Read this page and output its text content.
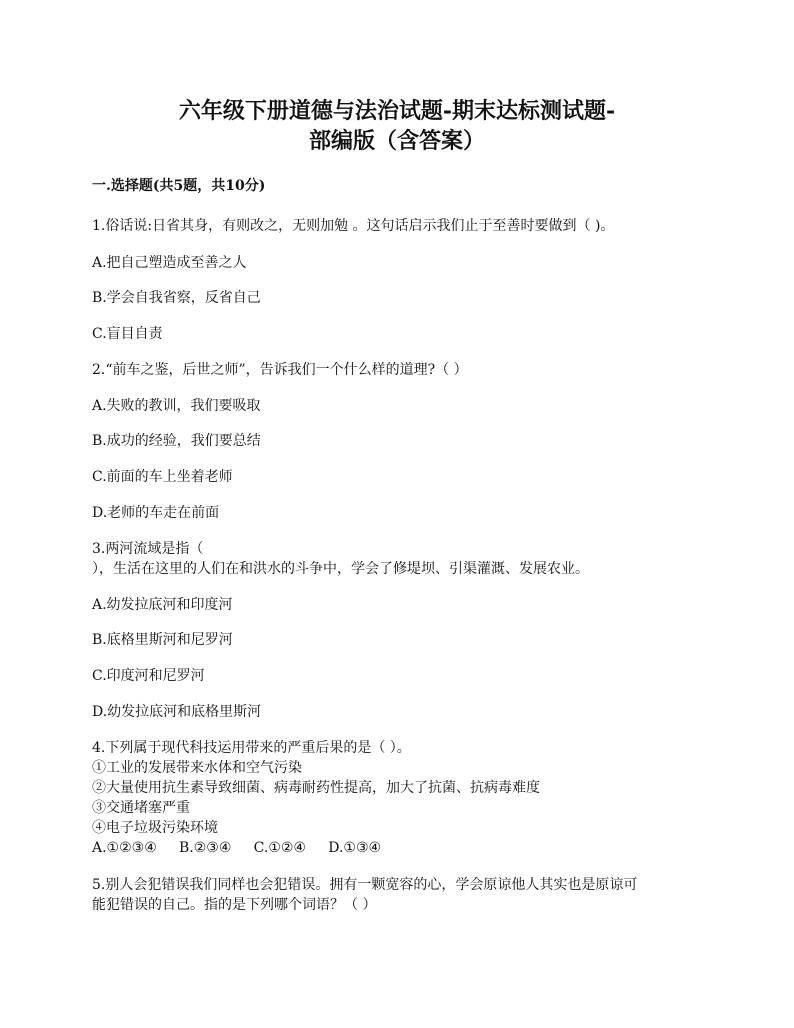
六年级下册道德与法治试题-期末达标测试题-
部编版（含答案）
一.选择题(共5题，共10分)
1.俗话说:日省其身，有则改之，无则加勉 。这句话启示我们止于至善时要做到（ )。
A.把自己塑造成至善之人
B.学会自我省察，反省自己
C.盲目自责
2.“前车之鉴，后世之师”，告诉我们一个什么样的道理?（ ）
A.失败的教训，我们要吸取
B.成功的经验，我们要总结
C.前面的车上坐着老师
D.老师的车走在前面
3.两河流域是指（
），生活在这里的人们在和洪水的斗争中，学会了修堤坝、引渠灌溉、发展农业。
A.幼发拉底河和印度河
B.底格里斯河和尼罗河
C.印度河和尼罗河
D.幼发拉底河和底格里斯河
4.下列属于现代科技运用带来的严重后果的是（ ）。
①工业的发展带来水体和空气污染
②大量使用抗生素导致细菌、病毒耐药性提高，加大了抗菌、抗病毒难度
③交通堵塞严重
④电子垃圾污染环境
A.①②③④     B.②③④     C.①②④     D.①③④
5.别人会犯错误我们同样也会犯错误。拥有一颗宽容的心，学会原谅他人其实也是原谅可
能犯错误的自己。指的是下列哪个词语？（ ）
